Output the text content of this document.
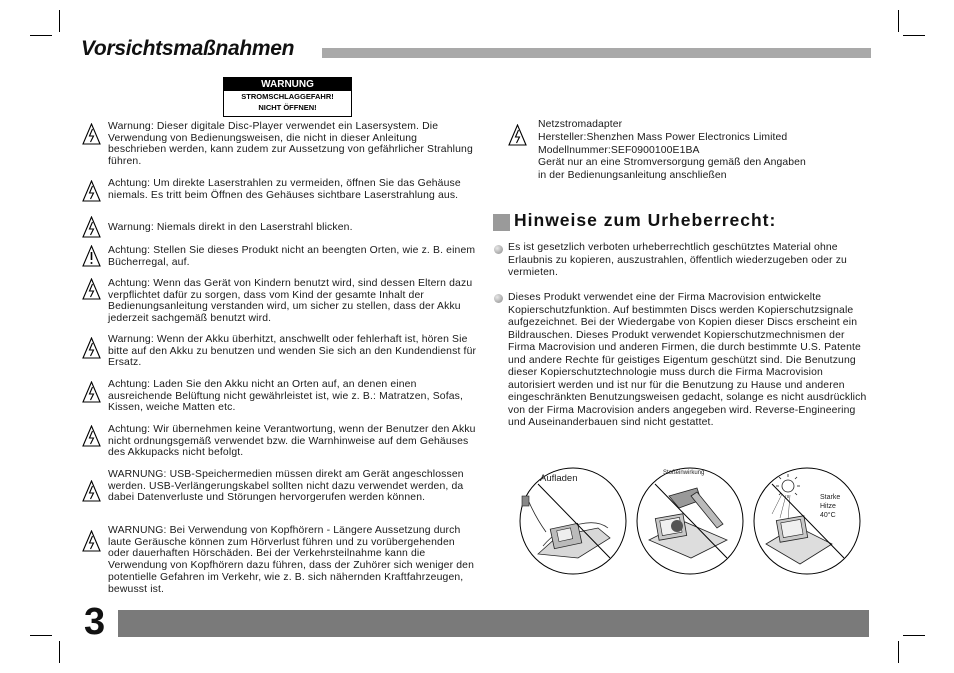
Vorsichtsmaßnahmen
WARNUNG
STROMSCHLAGGEFAHR!
NICHT ÖFFNEN!
Warnung: Dieser digitale Disc-Player verwendet ein Lasersystem. Die Verwendung von Bedienungsweisen, die nicht in dieser Anleitung beschrieben werden, kann zudem zur Aussetzung von gefährlicher Strahlung führen.
Achtung: Um direkte Laserstrahlen zu vermeiden, öffnen Sie das Gehäuse niemals. Es tritt beim Öffnen des Gehäuses sichtbare Laserstrahlung aus.
Warnung: Niemals direkt in den Laserstrahl blicken.
Achtung: Stellen Sie dieses Produkt nicht an beengten Orten, wie z. B. einem Bücherregal, auf.
Achtung: Wenn das Gerät von Kindern benutzt wird, sind dessen Eltern dazu verpflichtet dafür zu sorgen, dass vom Kind der gesamte Inhalt der Bedienungsanleitung verstanden wird, um sicher zu stellen, dass der Akku jederzeit sachgemäß benutzt wird.
Warnung: Wenn der Akku überhitzt, anschwellt oder fehlerhaft ist, hören Sie bitte auf den Akku zu benutzen und wenden Sie sich an den Kundendienst für Ersatz.
Achtung: Laden Sie den Akku nicht an Orten auf, an denen einen ausreichende Belüftung nicht gewährleistet ist, wie z. B.: Matratzen, Sofas, Kissen, weiche Matten etc.
Achtung: Wir übernehmen keine Verantwortung, wenn der Benutzer den Akku nicht ordnungsgemäß verwendet bzw. die Warnhinweise auf dem Gehäuses des Akkupacks nicht befolgt.
WARNUNG: USB-Speichermedien müssen direkt am Gerät angeschlossen werden. USB-Verlängerungskabel sollten nicht dazu verwendet werden, da dabei Datenverluste und Störungen hervorgerufen werden können.
WARNUNG: Bei Verwendung von Kopfhörern - Längere Aussetzung durch laute Geräusche können zum Hörverlust führen und zu vorübergehenden oder dauerhaften Hörschäden. Bei der Verkehrsteilnahme kann die Verwendung von Kopfhörern dazu führen, dass der Zuhörer sich weniger den potentielle Gefahren im Verkehr, wie z. B. sich nähernden Kraftfahrzeugen, bewusst ist.
Netzstromadapter
Hersteller:Shenzhen Mass Power Electronics Limited
Modellnummer:SEF0900100E1BA
Gerät nur an eine Stromversorgung gemäß den Angaben
in der Bedienungsanleitung anschließen
Hinweise zum Urheberrecht:
Es ist gesetzlich verboten urheberrechtlich geschütztes Material ohne Erlaubnis zu kopieren, auszustrahlen, öffentlich wiederzugeben oder zu vermieten.
Dieses Produkt verwendet eine der Firma Macrovision entwickelte Kopierschutzfunktion. Auf bestimmten Discs werden Kopierschutzsignale aufgezeichnet. Bei der Wiedergabe von Kopien dieser Discs erscheint ein Bildrauschen. Dieses Produkt verwendet Kopierschutzmechnismen der Firma Macrovision und anderen Firmen, die durch bestimmte U.S. Patente und andere Rechte für geistiges Eigentum geschützt sind. Die Benutzung dieser Kopierschutztechnologie muss durch die Firma Macrovision autorisiert werden und ist nur für die Benutzung zu Hause und anderen eingeschränkten Benutzungsweisen gedacht, solange es nicht ausdrücklich von der Firma Macrovision anders angegeben wird. Reverse-Engineering und Auseinanderbauen sind nicht gestattet.
Aufladen	Stoßeinwirkung
Starke
Hitze
40°C
3
